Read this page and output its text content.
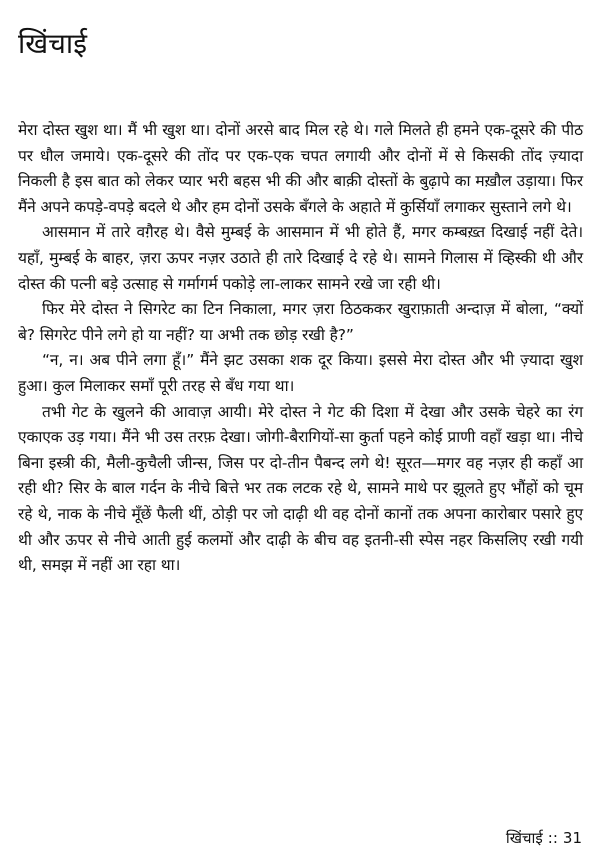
खिंचाई

मेरा दोस्त खुश था। मैं भी खुश था। दोनों अरसे बाद मिल रहे थे। गले मिलते ही हमने एक-दूसरे की पीठ पर धौल जमाये। एक-दूसरे की तोंद पर एक-एक चपत लगायी और दोनों में से किसकी तोंद ज़्यादा निकली है इस बात को लेकर प्यार भरी बहस भी की और बाक़ी दोस्तों के बुढ़ापे का मख़ौल उड़ाया। फिर मैंने अपने कपड़े-वपड़े बदले थे और हम दोनों उसके बँगले के अहाते में कुर्सियाँ लगाकर सुस्ताने लगे थे।

आसमान में तारे वग़ैरह थे। वैसे मुम्बई के आसमान में भी होते हैं, मगर कम्बख़्त दिखाई नहीं देते। यहाँ, मुम्बई के बाहर, ज़रा ऊपर नज़र उठाते ही तारे दिखाई दे रहे थे। सामने गिलास में व्हिस्की थी और दोस्त की पत्नी बड़े उत्साह से गर्मागर्म पकोड़े ला-लाकर सामने रखे जा रही थी।

फिर मेरे दोस्त ने सिगरेट का टिन निकाला, मगर ज़रा ठिठककर खुराफ़ाती अन्दाज़ में बोला, “क्यों बे? सिगरेट पीने लगे हो या नहीं? या अभी तक छोड़ रखी है?”

“न, न। अब पीने लगा हूँ।” मैंने झट उसका शक दूर किया। इससे मेरा दोस्त और भी ज़्यादा खुश हुआ। कुल मिलाकर समाँ पूरी तरह से बँध गया था।

तभी गेट के खुलने की आवाज़ आयी। मेरे दोस्त ने गेट की दिशा में देखा और उसके चेहरे का रंग एकाएक उड़ गया। मैंने भी उस तरफ़ देखा। जोगी-बैरागियों-सा कुर्ता पहने कोई प्राणी वहाँ खड़ा था। नीचे बिना इस्त्री की, मैली-कुचैली जीन्स, जिस पर दो-तीन पैबन्द लगे थे! सूरत—मगर वह नज़र ही कहाँ आ रही थी? सिर के बाल गर्दन के नीचे बित्ते भर तक लटक रहे थे, सामने माथे पर झूलते हुए भौंहों को चूम रहे थे, नाक के नीचे मूँछें फैली थीं, ठोड़ी पर जो दाढ़ी थी वह दोनों कानों तक अपना कारोबार पसारे हुए थी और ऊपर से नीचे आती हुई कलमों और दाढ़ी के बीच वह इतनी-सी स्पेस नहर किसलिए रखी गयी थी, समझ में नहीं आ रहा था।

खिंचाई :: 31
